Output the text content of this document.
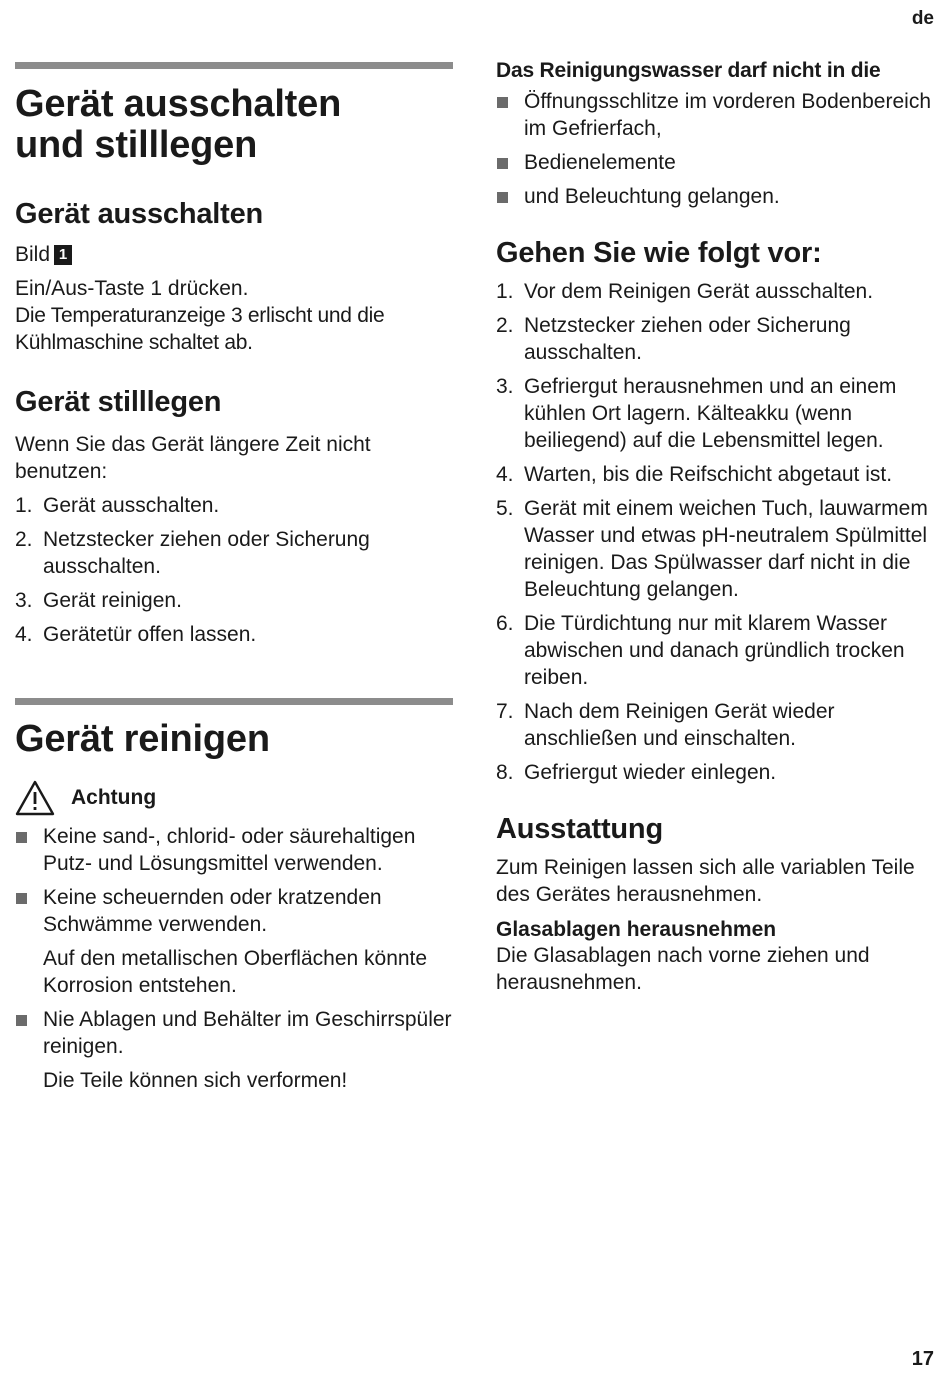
de
Gerät ausschalten
und stilllegen
Gerät ausschalten

Bild 1

Ein/Aus-Taste 1 drücken.
Die Temperaturanzeige 3 erlischt und die Kühlmaschine schaltet ab.

Gerät stilllegen

Wenn Sie das Gerät längere Zeit nicht benutzen:

1. Gerät ausschalten.
2. Netzstecker ziehen oder Sicherung ausschalten.
3. Gerät reinigen.
4. Gerätetür offen lassen.
Gerät reinigen
Achtung
Keine sand-, chlorid- oder säurehaltigen Putz- und Lösungsmittel verwenden.
Keine scheuernden oder kratzenden Schwämme verwenden.

Auf den metallischen Oberflächen könnte Korrosion entstehen.

Nie Ablagen und Behälter im Geschirrspüler reinigen.

Die Teile können sich verformen!

Das Reinigungswasser darf nicht in die
Öffnungsschlitze im vorderen Bodenbereich im Gefrierfach,
Bedienelemente
und Beleuchtung gelangen.
Gehen Sie wie folgt vor:
1. Vor dem Reinigen Gerät ausschalten.
2. Netzstecker ziehen oder Sicherung ausschalten.
3. Gefriergut herausnehmen und an einem kühlen Ort lagern. Kälteakku (wenn beiliegend) auf die Lebensmittel legen.
4. Warten, bis die Reifschicht abgetaut ist.
5. Gerät mit einem weichen Tuch, lauwarmem Wasser und etwas pH-neutralem Spülmittel reinigen. Das Spülwasser darf nicht in die Beleuchtung gelangen.
6. Die Türdichtung nur mit klarem Wasser abwischen und danach gründlich trocken reiben.
7. Nach dem Reinigen Gerät wieder anschließen und einschalten.
8. Gefriergut wieder einlegen.
Ausstattung

Zum Reinigen lassen sich alle variablen Teile des Gerätes herausnehmen.

Glasablagen herausnehmen

Die Glasablagen nach vorne ziehen und herausnehmen.

17
